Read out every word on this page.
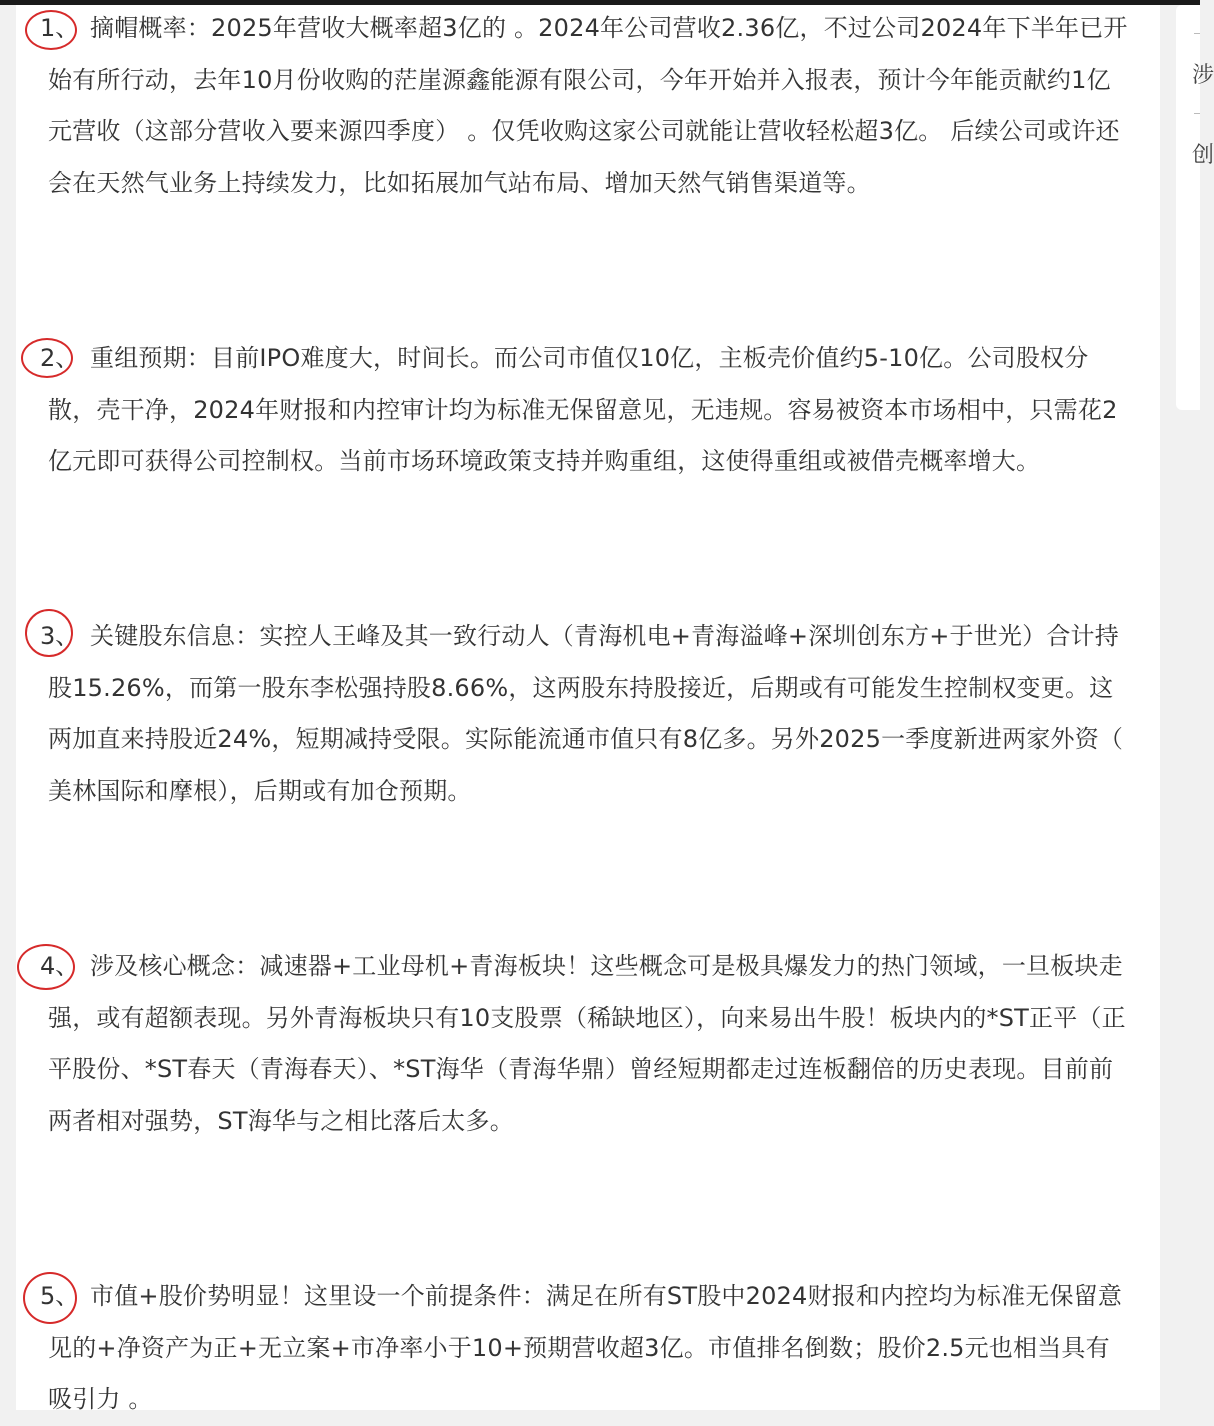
涉
创
1、 摘帽概率：2025年营收大概率超3亿的 。2024年公司营收2.36亿，不过公司2024年下半年已开始有所行动，去年10月份收购的茫崖源鑫能源有限公司，今年开始并入报表，预计今年能贡献约1亿元营收（这部分营收入要来源四季度） 。仅凭收购这家公司就能让营收轻松超3亿。 后续公司或许还会在天然气业务上持续发力，比如拓展加气站布局、增加天然气销售渠道等。

2、 重组预期：目前IPO难度大，时间长。而公司市值仅10亿，主板壳价值约5-10亿。公司股权分散，壳干净，2024年财报和内控审计均为标准无保留意见，无违规。容易被资本市场相中，只需花2亿元即可获得公司控制权。当前市场环境政策支持并购重组，这使得重组或被借壳概率增大。

3、 关键股东信息：实控人王峰及其一致行动人（青海机电+青海溢峰+深圳创东方+于世光）合计持股15.26%，而第一股东李松强持股8.66%，这两股东持股接近，后期或有可能发生控制权变更。这两加直来持股近24%，短期减持受限。实际能流通市值只有8亿多。另外2025一季度新进两家外资（ 美林国际和摩根），后期或有加仓预期。

4、 涉及核心概念：减速器+工业母机+青海板块！这些概念可是极具爆发力的热门领域，一旦板块走强，或有超额表现。另外青海板块只有10支股票（稀缺地区），向来易出牛股！板块内的*ST正平（正平股份、*ST春天（青海春天）、*ST海华（青海华鼎）曾经短期都走过连板翻倍的历史表现。目前前两者相对强势，ST海华与之相比落后太多。

5、 市值+股价势明显！这里设一个前提条件：满足在所有ST股中2024财报和内控均为标准无保留意见的+净资产为正+无立案+市净率小于10+预期营收超3亿。市值排名倒数；股价2.5元也相当具有吸引力 。
